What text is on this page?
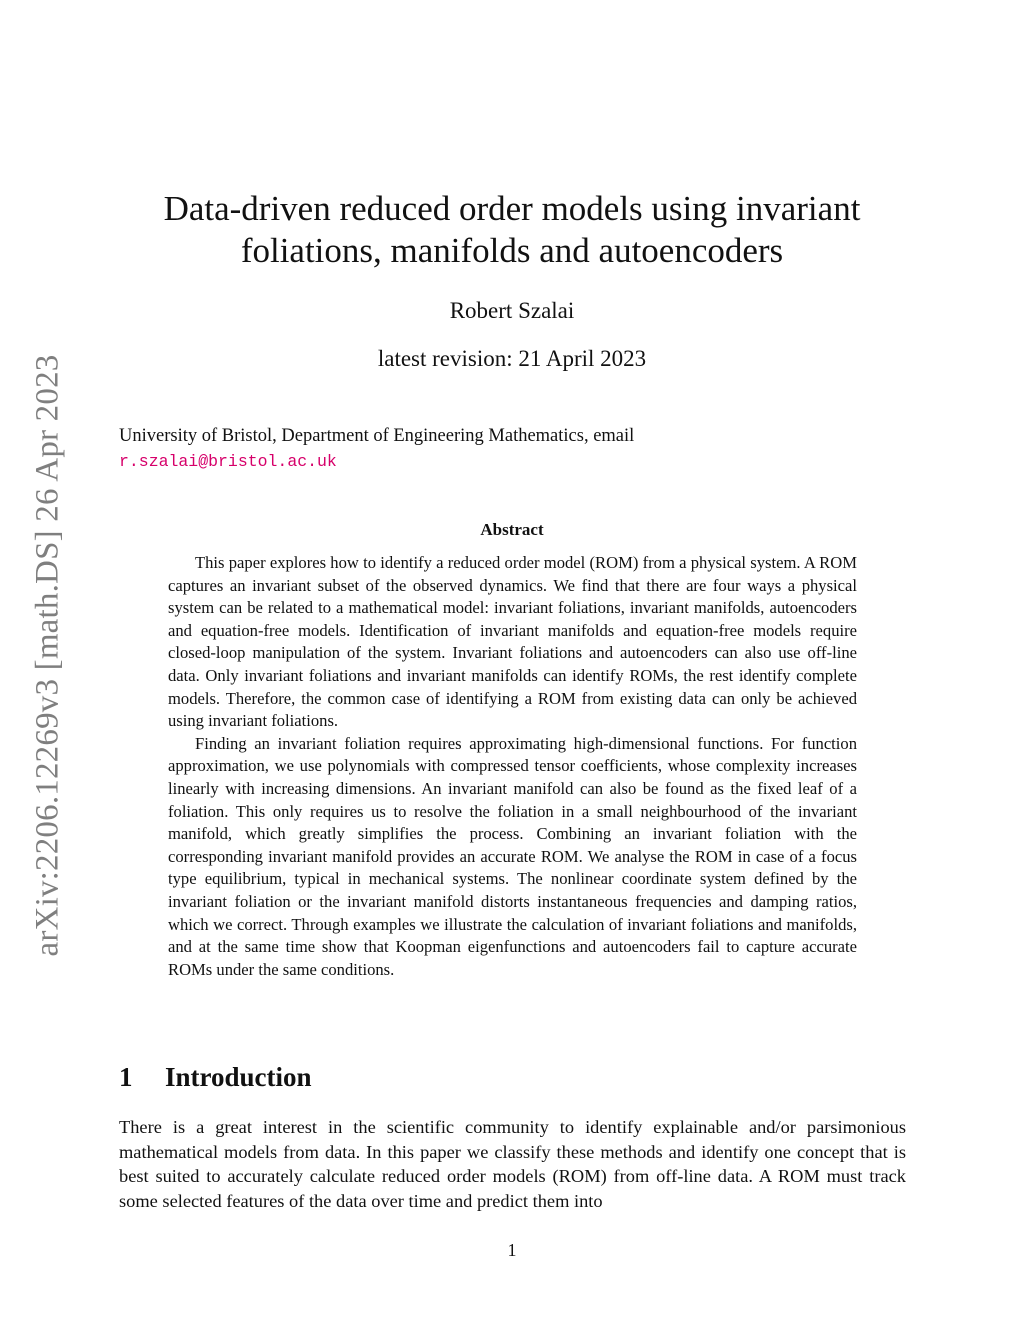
arXiv:2206.12269v3 [math.DS] 26 Apr 2023
Data-driven reduced order models using invariant
foliations, manifolds and autoencoders
Robert Szalai
latest revision: 21 April 2023
University of Bristol, Department of Engineering Mathematics, email
r.szalai@bristol.ac.uk
Abstract

This paper explores how to identify a reduced order model (ROM) from a physical system. A ROM captures an invariant subset of the observed dynamics. We find that there are four ways a physical system can be related to a mathematical model: invariant foliations, invariant manifolds, autoencoders and equation-free models. Identification of invariant manifolds and equation-free models require closed-loop manipulation of the system. Invariant foliations and autoencoders can also use off-line data. Only invariant foliations and invariant manifolds can identify ROMs, the rest identify complete models. Therefore, the common case of identifying a ROM from existing data can only be achieved using invariant foliations.

Finding an invariant foliation requires approximating high-dimensional functions. For function approximation, we use polynomials with compressed tensor coefficients, whose complexity increases linearly with increasing dimensions. An invariant manifold can also be found as the fixed leaf of a foliation. This only requires us to resolve the foliation in a small neighbourhood of the invariant manifold, which greatly simplifies the process. Combining an invariant foliation with the corresponding invariant manifold provides an accurate ROM. We analyse the ROM in case of a focus type equilibrium, typical in mechanical systems. The nonlinear coordinate system defined by the invariant foliation or the invariant manifold distorts instantaneous frequencies and damping ratios, which we correct. Through examples we illustrate the calculation of invariant foliations and manifolds, and at the same time show that Koopman eigenfunctions and autoencoders fail to capture accurate ROMs under the same conditions.

1 Introduction

There is a great interest in the scientific community to identify explainable and/or parsimonious mathematical models from data. In this paper we classify these methods and identify one concept that is best suited to accurately calculate reduced order models (ROM) from off-line data. A ROM must track some selected features of the data over time and predict them into

1
